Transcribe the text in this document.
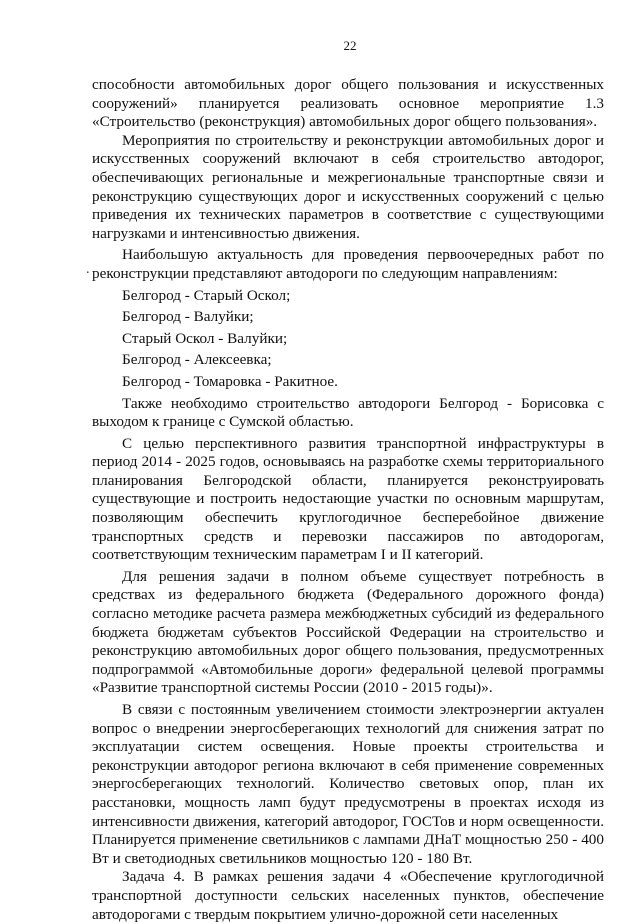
22

способности автомобильных дорог общего пользования и искусственных сооружений» планируется реализовать основное мероприятие 1.3 «Строительство (реконструкция) автомобильных дорог общего пользования».

Мероприятия по строительству и реконструкции автомобильных дорог и искусственных сооружений включают в себя строительство автодорог, обеспечивающих региональные и межрегиональные транспортные связи и реконструкцию существующих дорог и искусственных сооружений с целью приведения их технических параметров в соответствие с существующими нагрузками и интенсивностью движения.

Наибольшую актуальность для проведения первоочередных работ по реконструкции представляют автодороги по следующим направлениям:

Белгород - Старый Оскол;
Белгород - Валуйки;
Старый Оскол - Валуйки;
Белгород - Алексеевка;
Белгород - Томаровка - Ракитное.

Также необходимо строительство автодороги Белгород - Борисовка с выходом к границе с Сумской областью.

С целью перспективного развития транспортной инфраструктуры в период 2014 - 2025 годов, основываясь на разработке схемы территориального планирования Белгородской области, планируется реконструировать существующие и построить недостающие участки по основным маршрутам, позволяющим обеспечить круглогодичное бесперебойное движение транспортных средств и перевозки пассажиров по автодорогам, соответствующим техническим параметрам I и II категорий.

Для решения задачи в полном объеме существует потребность в средствах из федерального бюджета (Федерального дорожного фонда) согласно методике расчета размера межбюджетных субсидий из федерального бюджета бюджетам субъектов Российской Федерации на строительство и реконструкцию автомобильных дорог общего пользования, предусмотренных подпрограммой «Автомобильные дороги» федеральной целевой программы «Развитие транспортной системы России (2010 - 2015 годы)».

В связи с постоянным увеличением стоимости электроэнергии актуален вопрос о внедрении энергосберегающих технологий для снижения затрат по эксплуатации систем освещения. Новые проекты строительства и реконструкции автодорог региона включают в себя применение современных энергосберегающих технологий. Количество световых опор, план их расстановки, мощность ламп будут предусмотрены в проектах исходя из интенсивности движения, категорий автодорог, ГОСТов и норм освещенности. Планируется применение светильников с лампами ДНаТ мощностью 250 - 400 Вт и светодиодных светильников мощностью 120 - 180 Вт.

Задача 4. В рамках решения задачи 4 «Обеспечение круглогодичной транспортной доступности сельских населенных пунктов, обеспечение автодорогами с твердым покрытием улично-дорожной сети населенных

.
